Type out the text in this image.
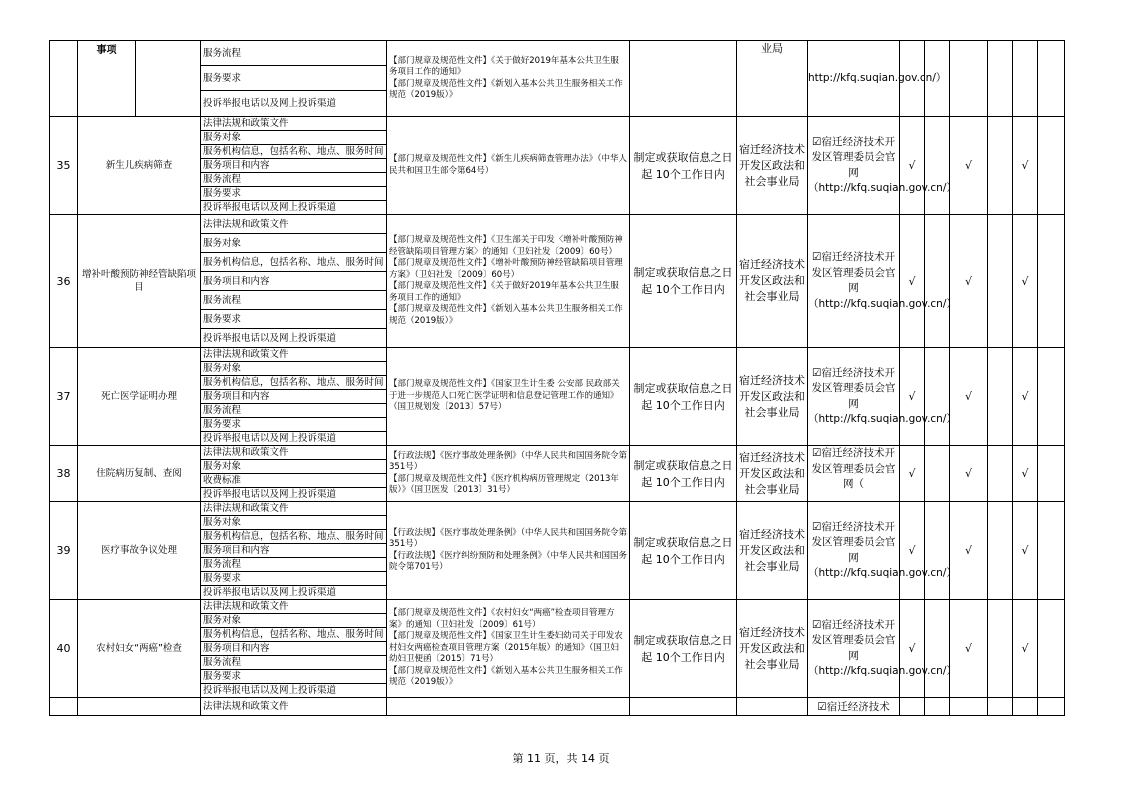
	事项		服务流程	【部门规章及规范性文件】《关于做好2019年基本公共卫生服务项目工作的通知》
【部门规章及规范性文件】《新划入基本公共卫生服务相关工作规范（2019版）》		业局	http://kfq.suqian.gov.cn/）						
			服务要求										
			投诉举报电话以及网上投诉渠道										
35	新生儿疾病筛查		法律法规和政策文件	【部门规章及规范性文件】《新生儿疾病筛查管理办法》（中华人民共和国卫生部令第64号）	制定或获取信息之日起 10个工作日内	宿迁经济技术开发区政法和社会事业局	☑宿迁经济技术开发区管理委员会官网（http://kfq.suqian.gov.cn/）	√		√		√	
			服务对象										
			服务机构信息，包括名称、地点、服务时间										
			服务项目和内容										
			服务流程										
			服务要求										
			投诉举报电话以及网上投诉渠道										
36	增补叶酸预防神经管缺陷项目		法律法规和政策文件	【部门规章及规范性文件】《卫生部关于印发〈增补叶酸预防神经管缺陷项目管理方案〉的通知（卫妇社发〔2009〕60号）
【部门规章及规范性文件】《增补叶酸预防神经管缺陷项目管理方案》（卫妇社发〔2009〕60号）
【部门规章及规范性文件】《关于做好2019年基本公共卫生服务项目工作的通知》
【部门规章及规范性文件】《新划入基本公共卫生服务相关工作规范（2019版）》	制定或获取信息之日起 10个工作日内	宿迁经济技术开发区政法和社会事业局	☑宿迁经济技术开发区管理委员会官网（http://kfq.suqian.gov.cn/）	√		√		√	
			服务对象										
			服务机构信息，包括名称、地点、服务时间										
			服务项目和内容										
			服务流程										
			服务要求										
			投诉举报电话以及网上投诉渠道										
37	死亡医学证明办理		法律法规和政策文件	【部门规章及规范性文件】《国家卫生计生委 公安部 民政部关于进一步规范人口死亡医学证明和信息登记管理工作的通知》（国卫规划发〔2013〕57号）	制定或获取信息之日起 10个工作日内	宿迁经济技术开发区政法和社会事业局	☑宿迁经济技术开发区管理委员会官网（http://kfq.suqian.gov.cn/）	√		√		√	
			服务对象										
			服务机构信息，包括名称、地点、服务时间										
			服务项目和内容										
			服务流程										
			服务要求										
			投诉举报电话以及网上投诉渠道										
38	住院病历复制、查阅		法律法规和政策文件	【行政法规】《医疗事故处理条例》（中华人民共和国国务院令第351号）
【部门规章及规范性文件】《医疗机构病历管理规定（2013年版）》（国卫医发〔2013〕31号）	制定或获取信息之日起 10个工作日内	宿迁经济技术开发区政法和社会事业局	☑宿迁经济技术开发区管理委员会官网（	√		√		√	
			服务对象										
			收费标准										
			投诉举报电话以及网上投诉渠道										
39	医疗事故争议处理		法律法规和政策文件	【行政法规】《医疗事故处理条例》（中华人民共和国国务院令第351号）
【行政法规】《医疗纠纷预防和处理条例》（中华人民共和国国务院令第701号）	制定或获取信息之日起 10个工作日内	宿迁经济技术开发区政法和社会事业局	☑宿迁经济技术开发区管理委员会官网（http://kfq.suqian.gov.cn/）	√		√		√	
			服务对象										
			服务机构信息，包括名称、地点、服务时间										
			服务项目和内容										
			服务流程										
			服务要求										
			投诉举报电话以及网上投诉渠道										
40	农村妇女“两癌”检查		法律法规和政策文件	【部门规章及规范性文件】《农村妇女“两癌”检查项目管理方案》的通知（卫妇社发〔2009〕61号）
【部门规章及规范性文件】《国家卫生计生委妇幼司关于印发农村妇女两癌检查项目管理方案（2015年版）的通知》（国卫妇幼妇卫便函〔2015〕71号）
【部门规章及规范性文件】《新划入基本公共卫生服务相关工作规范（2019版）》	制定或获取信息之日起 10个工作日内	宿迁经济技术开发区政法和社会事业局	☑宿迁经济技术开发区管理委员会官网（http://kfq.suqian.gov.cn/）	√		√		√	
			服务对象										
			服务机构信息，包括名称、地点、服务时间										
			服务项目和内容										
			服务流程										
			服务要求										
			投诉举报电话以及网上投诉渠道										
			法律法规和政策文件				☑宿迁经济技术						
第 11 页，共 14 页
